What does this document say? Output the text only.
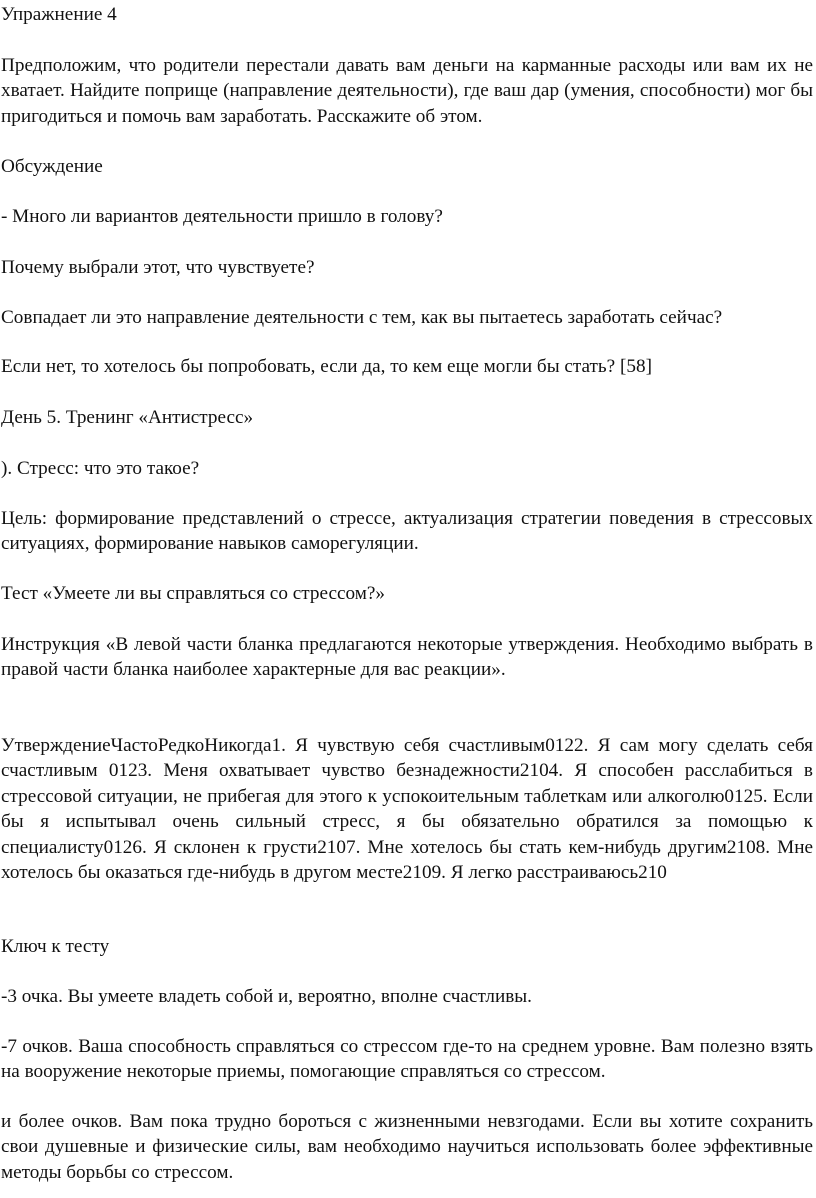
Упражнение 4

Предположим, что родители перестали давать вам деньги на карманные расходы или вам их не хватает. Найдите поприще (направление деятельности), где ваш дар (умения, способности) мог бы пригодиться и помочь вам заработать. Расскажите об этом.

Обсуждение

- Много ли вариантов деятельности пришло в голову?

Почему выбрали этот, что чувствуете?

Совпадает ли это направление деятельности с тем, как вы пытаетесь заработать сейчас?

Если нет, то хотелось бы попробовать, если да, то кем еще могли бы стать? [58]

День 5. Тренинг «Антистресс»

). Стресс: что это такое?

Цель: формирование представлений о стрессе, актуализация стратегии поведения в стрессовых ситуациях, формирование навыков саморегуляции.

Тест «Умеете ли вы справляться со стрессом?»

Инструкция «В левой части бланка предлагаются некоторые утверждения. Необходимо выбрать в правой части бланка наиболее характерные для вас реакции».

УтверждениеЧастоРедкоНикогда1. Я чувствую себя счастливым0122. Я сам могу сделать себя счастливым 0123. Меня охватывает чувство безнадежности2104. Я способен расслабиться в стрессовой ситуации, не прибегая для этого к успокоительным таблеткам или алкоголю0125. Если бы я испытывал очень сильный стресс, я бы обязательно обратился за помощью к специалисту0126. Я склонен к грусти2107. Мне хотелось бы стать кем-нибудь другим2108. Мне хотелось бы оказаться где-нибудь в другом месте2109. Я легко расстраиваюсь210

Ключ к тесту

-3 очка. Вы умеете владеть собой и, вероятно, вполне счастливы.

-7 очков. Ваша способность справляться со стрессом где-то на среднем уровне. Вам полезно взять на вооружение некоторые приемы, помогающие справляться со стрессом.

и более очков. Вам пока трудно бороться с жизненными невзгодами. Если вы хотите сохранить свои душевные и физические силы, вам необходимо научиться использовать более эффективные методы борьбы со стрессом.
